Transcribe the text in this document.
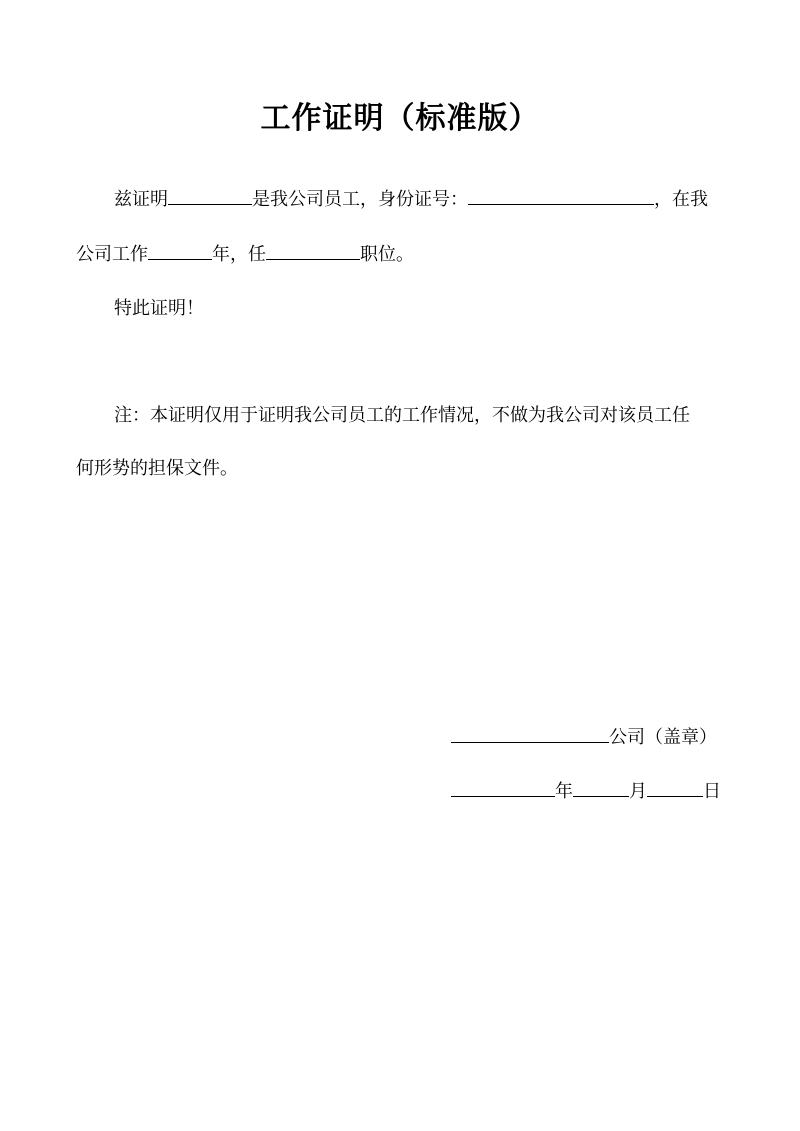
工作证明（标准版）
兹证明	是我公司员工，身份证号：	，在我
公司工作	年，任	职位。
特此证明！
注：本证明仅用于证明我公司员工的工作情况，不做为我公司对该员工任
何形势的担保文件。
公司（盖章）
年	月	日
